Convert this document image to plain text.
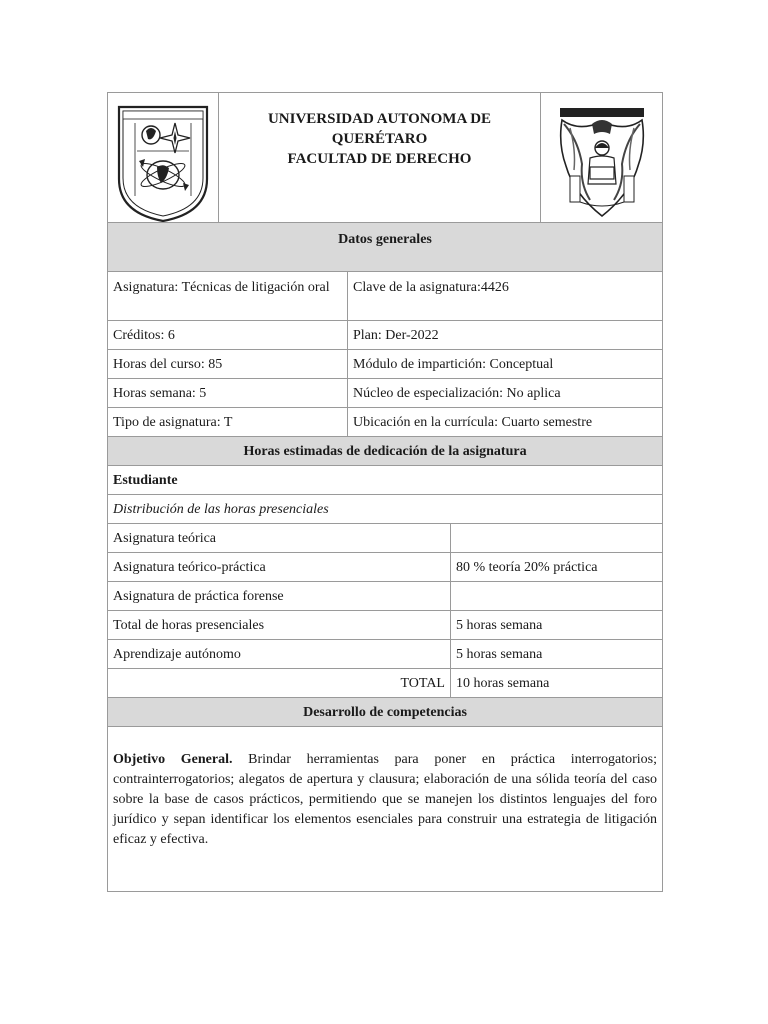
UNIVERSIDAD AUTONOMA DE
QUERÉTARO
FACULTAD DE DERECHO

Datos generales		
Asignatura: Técnicas de litigación oral	Clave de la asignatura:4426	
Créditos: 6	Plan: Der-2022	
Horas del curso: 85	Módulo de impartición: Conceptual	
Horas semana: 5	Núcleo de especialización: No aplica	
Tipo de asignatura: T	Ubicación en la currícula: Cuarto semestre	
Horas estimadas de dedicación de la asignatura		
Estudiante		
Distribución de las horas presenciales		
Asignatura teórica		
Asignatura teórico-práctica		80 % teoría 20% práctica
Asignatura de práctica forense		
Total de horas presenciales		5 horas semana
Aprendizaje autónomo		5 horas semana
TOTAL		10 horas semana
Desarrollo de competencias		
Objetivo General. Brindar herramientas para poner en práctica interrogatorios; contrainterrogatorios; alegatos de apertura y clausura; elaboración de una sólida teoría del caso sobre la base de casos prácticos, permitiendo que se manejen los distintos lenguajes del foro jurídico y sepan identificar los elementos esenciales para construir una estrategia de litigación eficaz y efectiva.		
